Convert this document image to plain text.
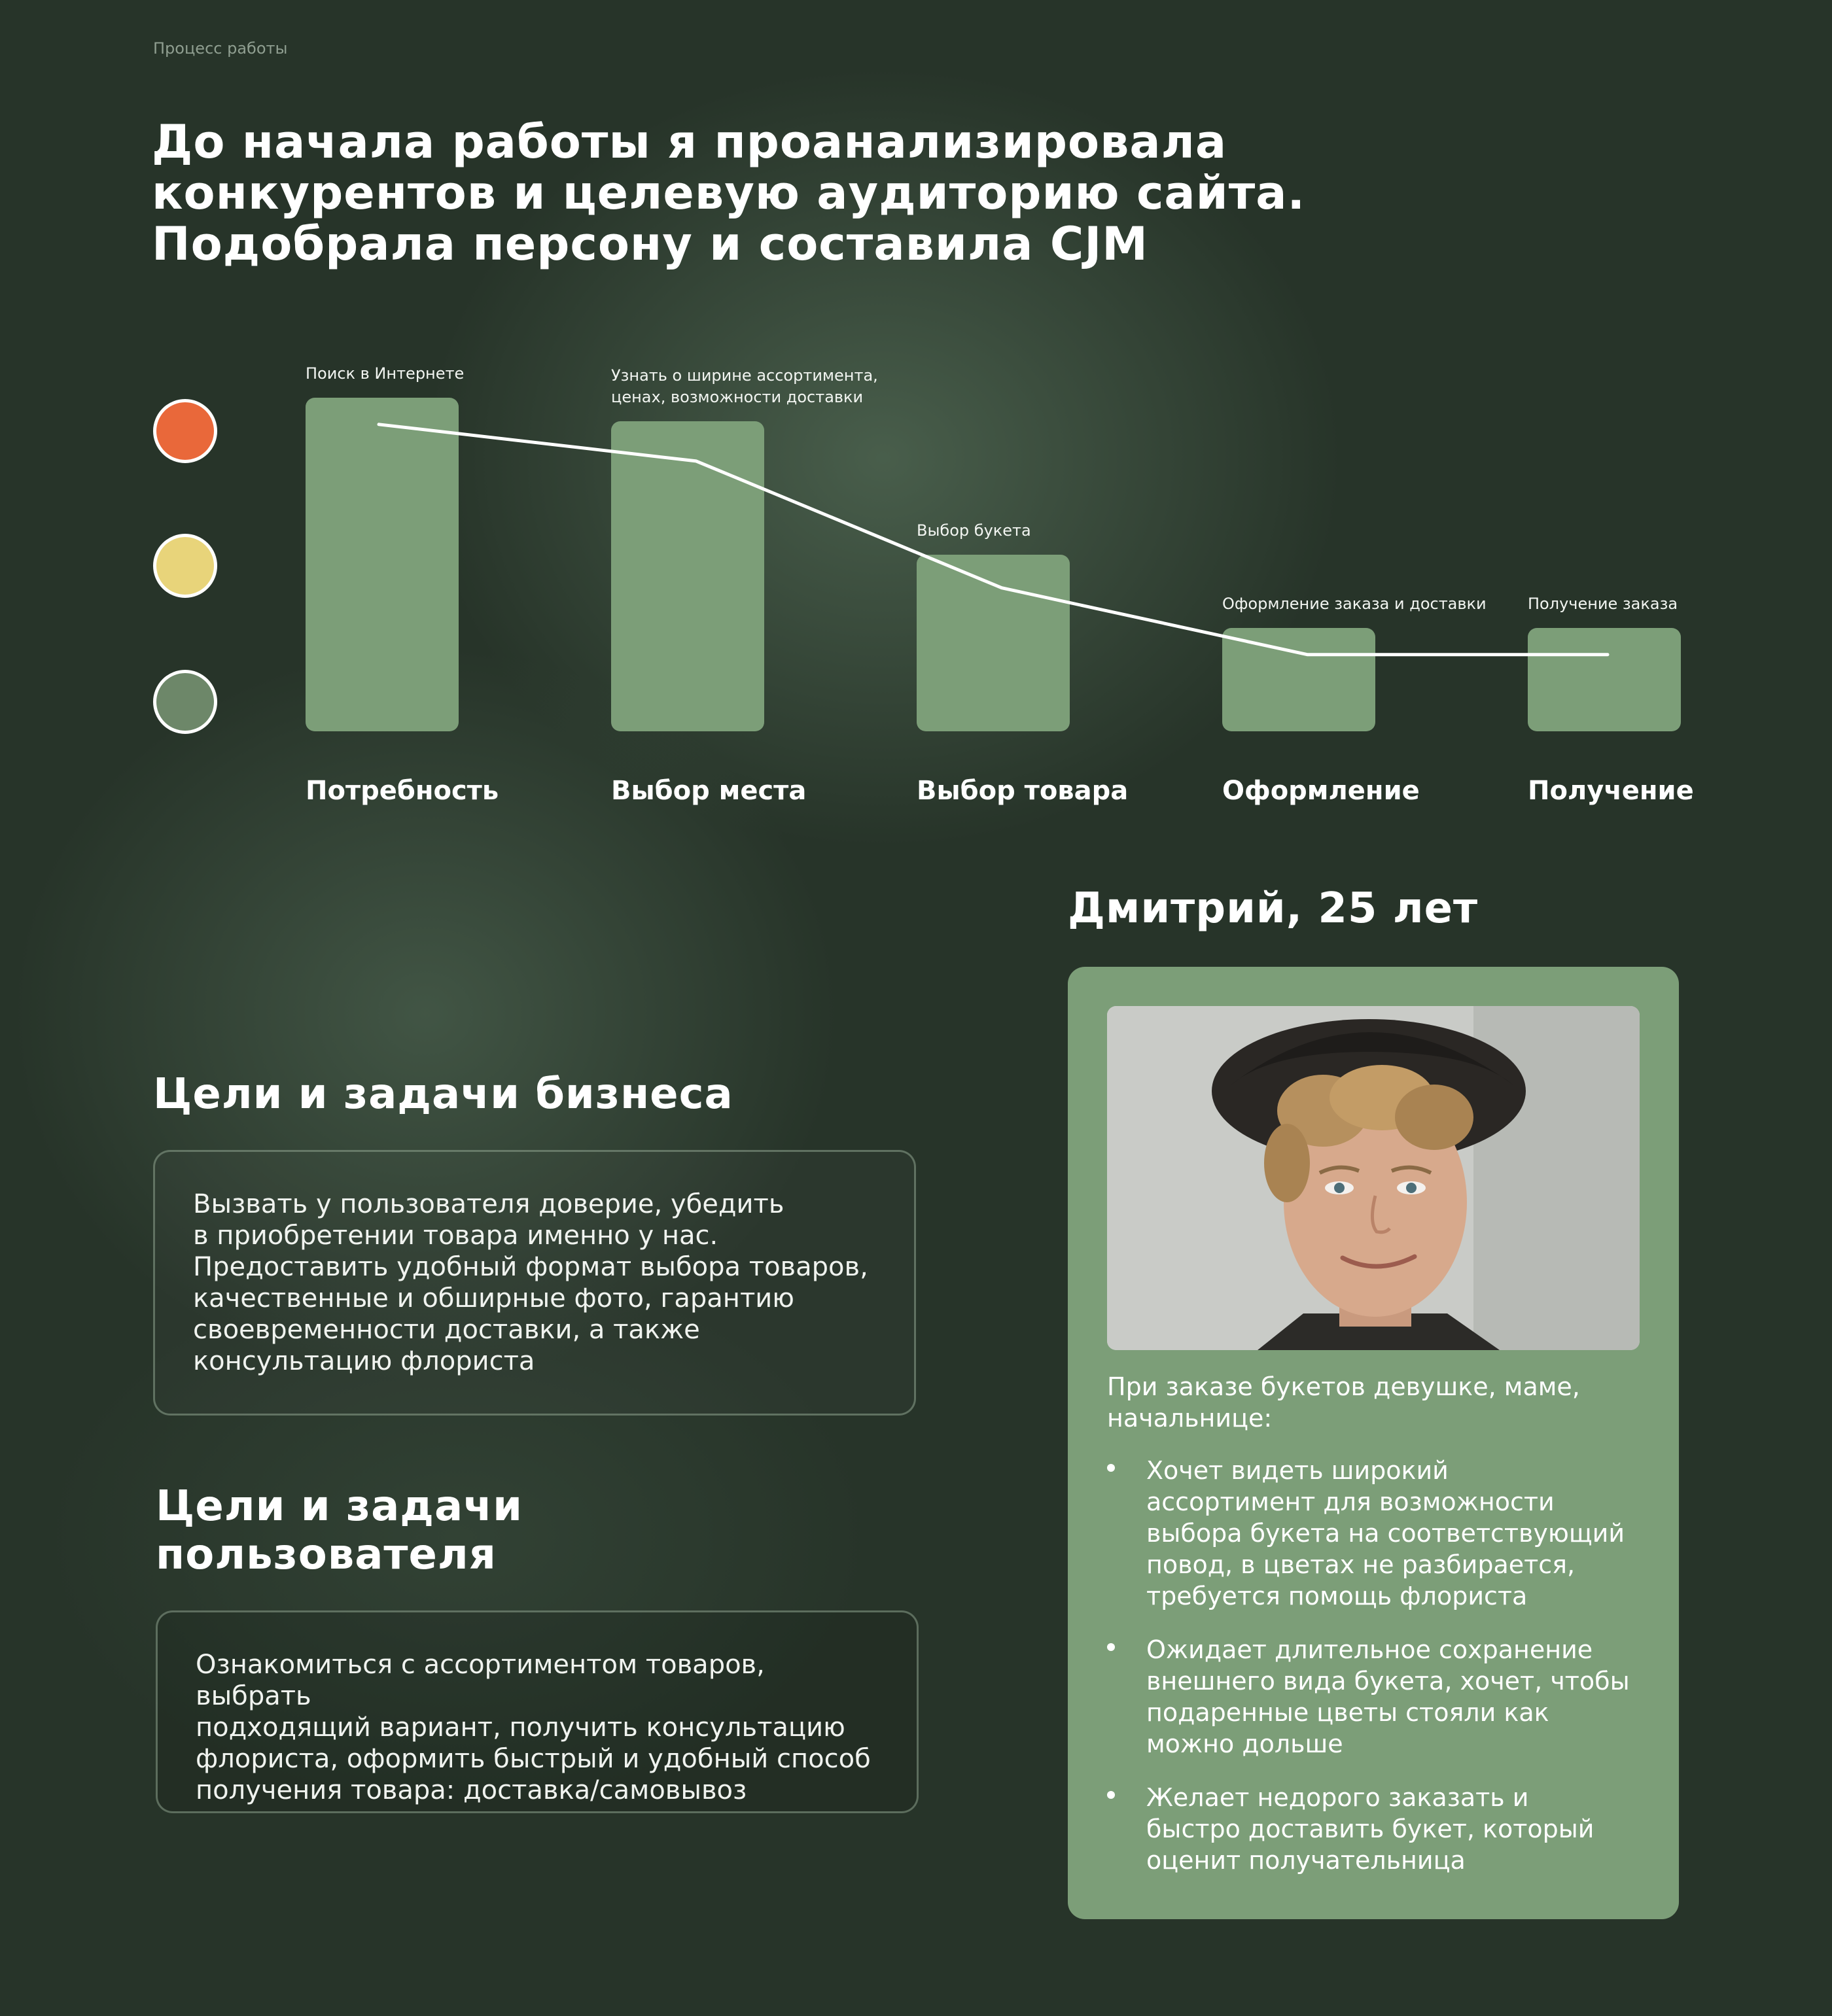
Процесс работы
До начала работы я проанализировала
конкурентов и целевую аудиторию сайта.
Подобрала персону и составила CJM
Поиск в Интернете	Узнать о ширине ассортимента,
ценах, возможности доставки
Выбор букета
Оформление заказа и доставки	Получение заказа
Потребность	Выбор места	Выбор товара	Оформление	Получение
Цели и задачи бизнеса
Вызвать у пользователя доверие, убедить
в приобретении товара именно у нас.
Предоставить удобный формат выбора товаров,
качественные и обширные фото, гарантию
своевременности доставки, а также
консультацию флориста
Цели и задачи
пользователя
Ознакомиться с ассортиментом товаров, выбрать
подходящий вариант, получить консультацию
флориста, оформить быстрый и удобный способ
получения товара: доставка/самовывоз
Дмитрий, 25 лет
При заказе букетов девушке, маме,
начальнице:
Хочет видеть широкий
ассортимент для возможности
выбора букета на соответствующий
повод, в цветах не разбирается,
требуется помощь флориста
Ожидает длительное сохранение
внешнего вида букета, хочет, чтобы
подаренные цветы стояли как
можно дольше
Желает недорого заказать и
быстро доставить букет, который
оценит получательница
